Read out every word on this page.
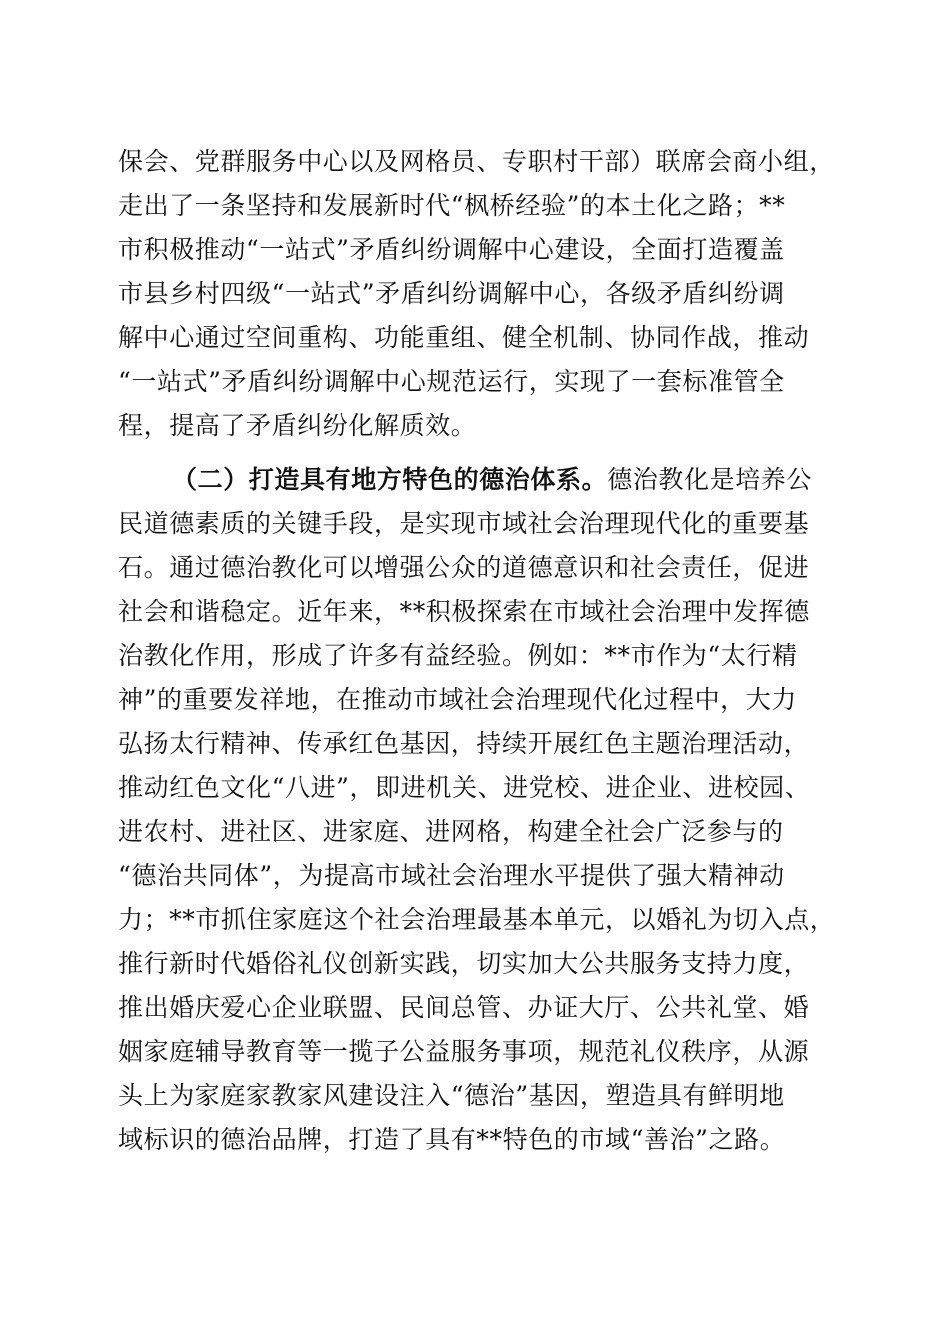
保会、党群服务中心以及网格员、专职村干部）联席会商小组，
走出了一条坚持和发展新时代“枫桥经验”的本土化之路；**
市积极推动“一站式”矛盾纠纷调解中心建设，全面打造覆盖
市县乡村四级“一站式”矛盾纠纷调解中心，各级矛盾纠纷调
解中心通过空间重构、功能重组、健全机制、协同作战，推动
“一站式”矛盾纠纷调解中心规范运行，实现了一套标准管全
程，提高了矛盾纠纷化解质效。
（二）打造具有地方特色的德治体系。德治教化是培养公
民道德素质的关键手段，是实现市域社会治理现代化的重要基
石。通过德治教化可以增强公众的道德意识和社会责任，促进
社会和谐稳定。近年来，**积极探索在市域社会治理中发挥德
治教化作用，形成了许多有益经验。例如：**市作为“太行精
神”的重要发祥地，在推动市域社会治理现代化过程中，大力
弘扬太行精神、传承红色基因，持续开展红色主题治理活动，
推动红色文化“八进”，即进机关、进党校、进企业、进校园、
进农村、进社区、进家庭、进网格，构建全社会广泛参与的
“德治共同体”，为提高市域社会治理水平提供了强大精神动
力；**市抓住家庭这个社会治理最基本单元，以婚礼为切入点，
推行新时代婚俗礼仪创新实践，切实加大公共服务支持力度，
推出婚庆爱心企业联盟、民间总管、办证大厅、公共礼堂、婚
姻家庭辅导教育等一揽子公益服务事项，规范礼仪秩序，从源
头上为家庭家教家风建设注入“德治”基因，塑造具有鲜明地
域标识的德治品牌，打造了具有**特色的市域“善治”之路。
